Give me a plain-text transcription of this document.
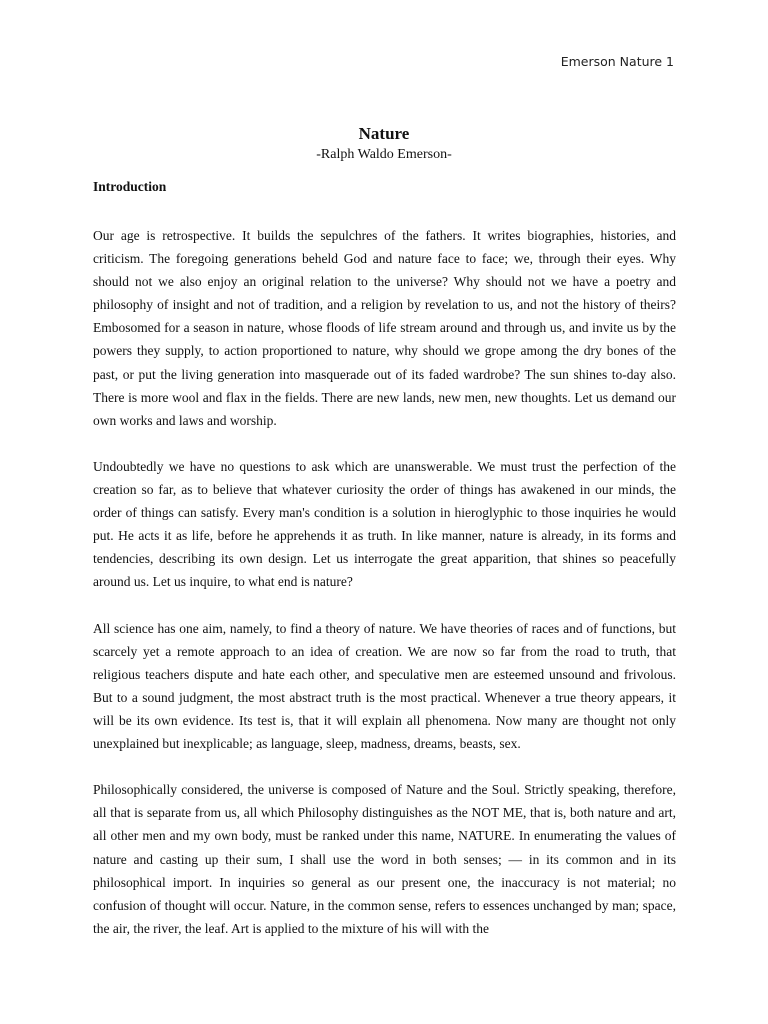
Emerson Nature 1
Nature
-Ralph Waldo Emerson-
Introduction

Our age is retrospective. It builds the sepulchres of the fathers. It writes biographies, histories, and criticism. The foregoing generations beheld God and nature face to face; we, through their eyes. Why should not we also enjoy an original relation to the universe? Why should not we have a poetry and philosophy of insight and not of tradition, and a religion by revelation to us, and not the history of theirs? Embosomed for a season in nature, whose floods of life stream around and through us, and invite us by the powers they supply, to action proportioned to nature, why should we grope among the dry bones of the past, or put the living generation into masquerade out of its faded wardrobe? The sun shines to-day also. There is more wool and flax in the fields. There are new lands, new men, new thoughts. Let us demand our own works and laws and worship.

Undoubtedly we have no questions to ask which are unanswerable. We must trust the perfection of the creation so far, as to believe that whatever curiosity the order of things has awakened in our minds, the order of things can satisfy. Every man's condition is a solution in hieroglyphic to those inquiries he would put. He acts it as life, before he apprehends it as truth. In like manner, nature is already, in its forms and tendencies, describing its own design. Let us interrogate the great apparition, that shines so peacefully around us. Let us inquire, to what end is nature?

All science has one aim, namely, to find a theory of nature. We have theories of races and of functions, but scarcely yet a remote approach to an idea of creation. We are now so far from the road to truth, that religious teachers dispute and hate each other, and speculative men are esteemed unsound and frivolous. But to a sound judgment, the most abstract truth is the most practical. Whenever a true theory appears, it will be its own evidence. Its test is, that it will explain all phenomena. Now many are thought not only unexplained but inexplicable; as language, sleep, madness, dreams, beasts, sex.

Philosophically considered, the universe is composed of Nature and the Soul. Strictly speaking, therefore, all that is separate from us, all which Philosophy distinguishes as the NOT ME, that is, both nature and art, all other men and my own body, must be ranked under this name, NATURE. In enumerating the values of nature and casting up their sum, I shall use the word in both senses; — in its common and in its philosophical import. In inquiries so general as our present one, the inaccuracy is not material; no confusion of thought will occur. Nature, in the common sense, refers to essences unchanged by man; space, the air, the river, the leaf. Art is applied to the mixture of his will with the
